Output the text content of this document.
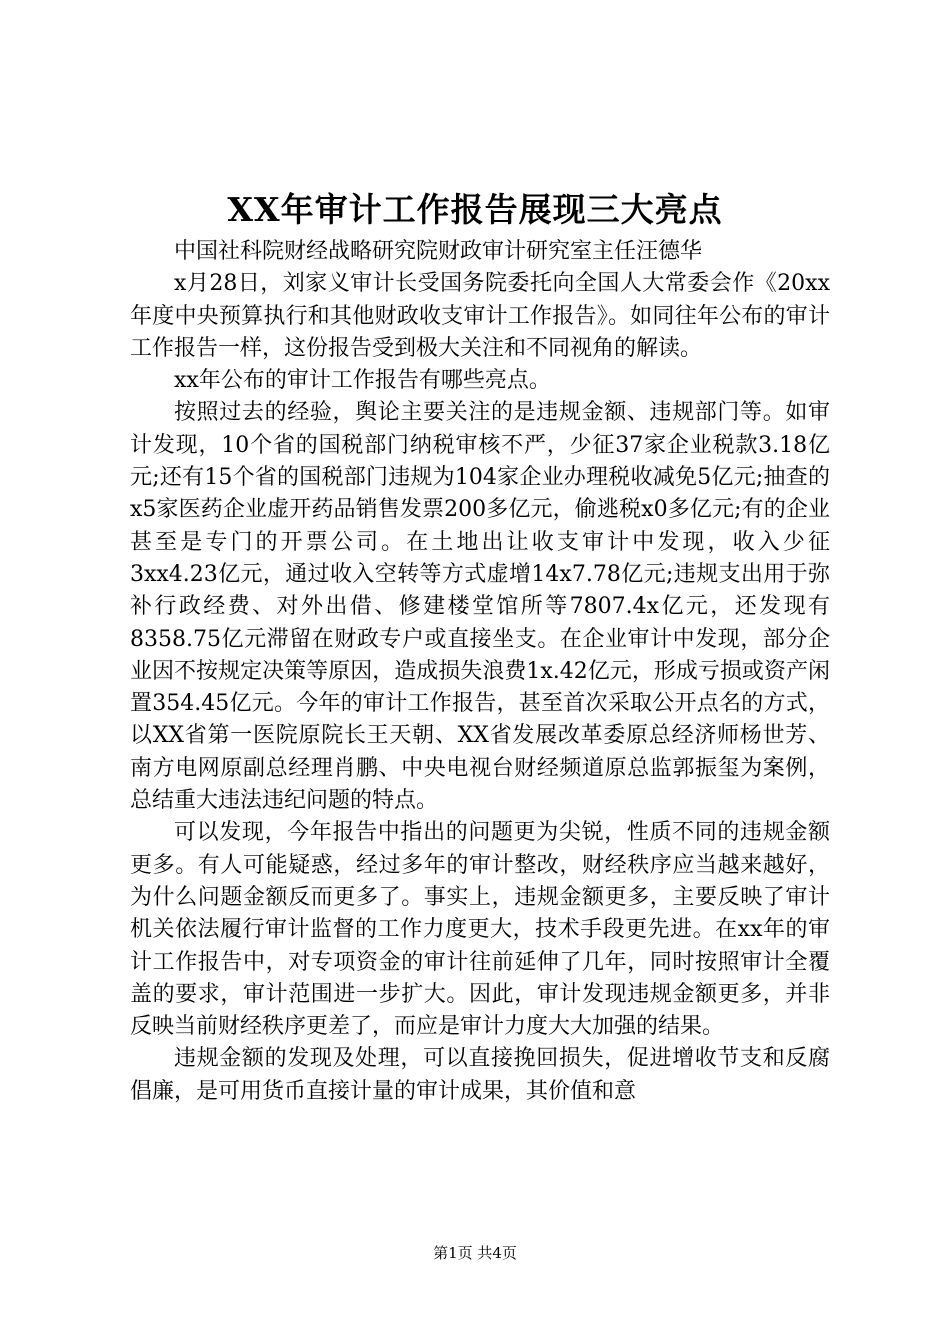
XX年审计工作报告展现三大亮点

中国社科院财经战略研究院财政审计研究室主任汪德华

x月28日，刘家义审计长受国务院委托向全国人大常委会作《20xx年度中央预算执行和其他财政收支审计工作报告》。如同往年公布的审计工作报告一样，这份报告受到极大关注和不同视角的解读。

xx年公布的审计工作报告有哪些亮点。

按照过去的经验，舆论主要关注的是违规金额、违规部门等。如审计发现，10个省的国税部门纳税审核不严，少征37家企业税款3.18亿元;还有15个省的国税部门违规为104家企业办理税收减免5亿元;抽查的x5家医药企业虚开药品销售发票200多亿元，偷逃税x0多亿元;有的企业甚至是专门的开票公司。在土地出让收支审计中发现，收入少征3xx4.23亿元，通过收入空转等方式虚增14x7.78亿元;违规支出用于弥补行政经费、对外出借、修建楼堂馆所等7807.4x亿元，还发现有8358.75亿元滞留在财政专户或直接坐支。在企业审计中发现，部分企业因不按规定决策等原因，造成损失浪费1x.42亿元，形成亏损或资产闲置354.45亿元。今年的审计工作报告，甚至首次采取公开点名的方式，以XX省第一医院原院长王天朝、XX省发展改革委原总经济师杨世芳、南方电网原副总经理肖鹏、中央电视台财经频道原总监郭振玺为案例，总结重大违法违纪问题的特点。

可以发现，今年报告中指出的问题更为尖锐，性质不同的违规金额更多。有人可能疑惑，经过多年的审计整改，财经秩序应当越来越好，为什么问题金额反而更多了。事实上，违规金额更多，主要反映了审计机关依法履行审计监督的工作力度更大，技术手段更先进。在xx年的审计工作报告中，对专项资金的审计往前延伸了几年，同时按照审计全覆盖的要求，审计范围进一步扩大。因此，审计发现违规金额更多，并非反映当前财经秩序更差了，而应是审计力度大大加强的结果。

违规金额的发现及处理，可以直接挽回损失，促进增收节支和反腐倡廉，是可用货币直接计量的审计成果，其价值和意

第1页 共4页
